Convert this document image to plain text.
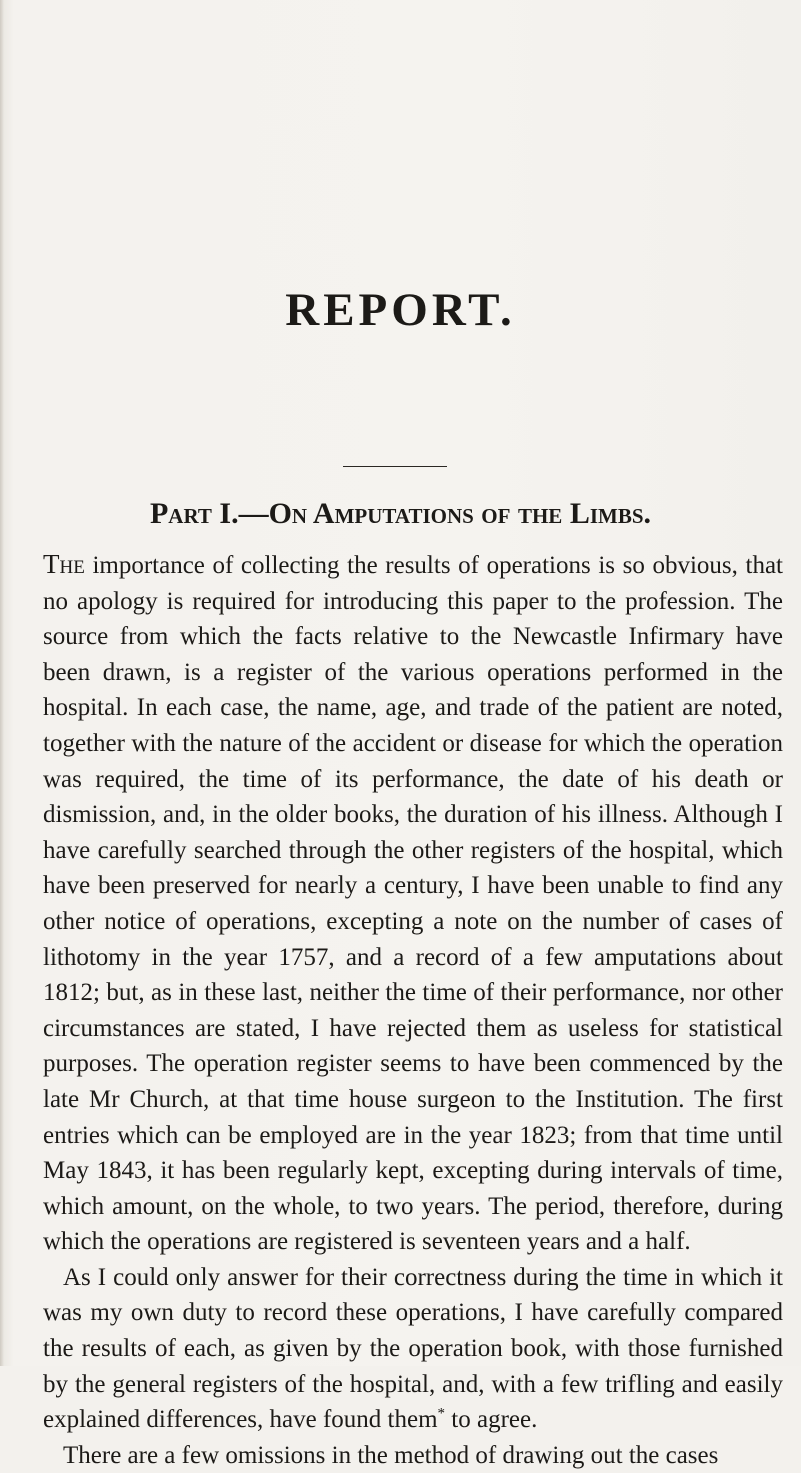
REPORT.
Part I.—On Amputations of the Limbs.

The importance of collecting the results of operations is so obvious, that no apology is required for introducing this paper to the profession. The source from which the facts relative to the Newcastle Infirmary have been drawn, is a register of the various operations performed in the hospital. In each case, the name, age, and trade of the patient are noted, together with the nature of the accident or disease for which the operation was required, the time of its performance, the date of his death or dismission, and, in the older books, the duration of his illness. Although I have carefully searched through the other registers of the hospital, which have been preserved for nearly a century, I have been unable to find any other notice of operations, excepting a note on the number of cases of lithotomy in the year 1757, and a record of a few amputations about 1812; but, as in these last, neither the time of their performance, nor other circumstances are stated, I have rejected them as useless for statistical purposes. The operation register seems to have been commenced by the late Mr Church, at that time house surgeon to the Institution. The first entries which can be employed are in the year 1823; from that time until May 1843, it has been regularly kept, excepting during intervals of time, which amount, on the whole, to two years. The period, therefore, during which the operations are registered is seventeen years and a half.

As I could only answer for their correctness during the time in which it was my own duty to record these operations, I have carefully compared the results of each, as given by the operation book, with those furnished by the general registers of the hospital, and, with a few trifling and easily explained differences, have found them* to agree.

There are a few omissions in the method of drawing out the cases
